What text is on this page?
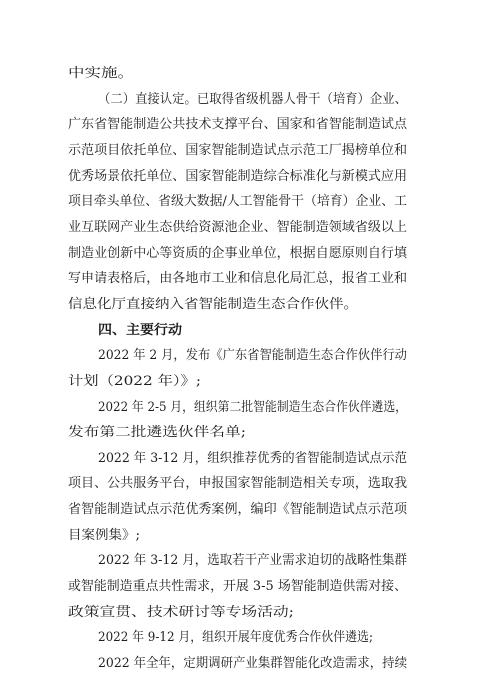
中实施。

（二）直接认定。已取得省级机器人骨干（培育）企业、

广东省智能制造公共技术支撑平台、国家和省智能制造试点

示范项目依托单位、国家智能制造试点示范工厂揭榜单位和

优秀场景依托单位、国家智能制造综合标准化与新模式应用

项目牵头单位、省级大数据/人工智能骨干（培育）企业、工

业互联网产业生态供给资源池企业、智能制造领域省级以上

制造业创新中心等资质的企事业单位，根据自愿原则自行填

写申请表格后，由各地市工业和信息化局汇总，报省工业和

信息化厅直接纳入省智能制造生态合作伙伴。

四、主要行动

2022 年 2 月，发布《广东省智能制造生态合作伙伴行动

计划（2022 年）》;

2022 年 2-5 月，组织第二批智能制造生态合作伙伴遴选，

发布第二批遴选伙伴名单;

2022 年 3-12 月，组织推荐优秀的省智能制造试点示范

项目、公共服务平台，申报国家智能制造相关专项，选取我

省智能制造试点示范优秀案例，编印《智能制造试点示范项

目案例集》;

2022 年 3-12 月，选取若干产业需求迫切的战略性集群

或智能制造重点共性需求，开展 3-5 场智能制造供需对接、

政策宣贯、技术研讨等专场活动;

2022 年 9-12 月，组织开展年度优秀合作伙伴遴选;

2022 年全年，定期调研产业集群智能化改造需求，持续
